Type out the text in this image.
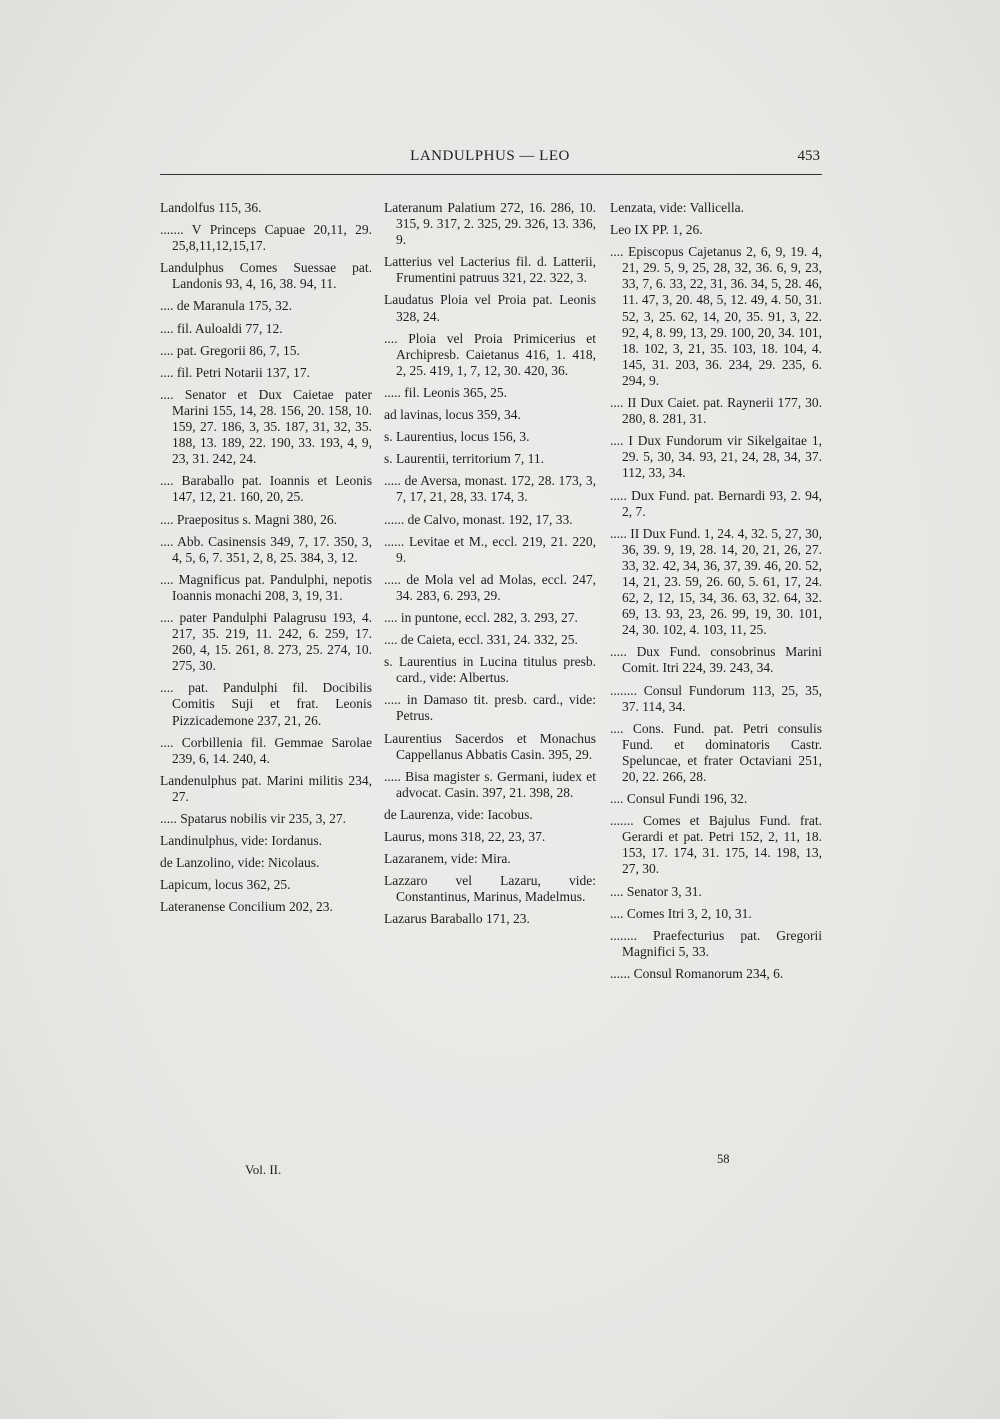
LANDULPHUS — LEO	453
Landolfus 115, 36.
....... V Princeps Capuae 20,11, 29. 25,8,11,12,15,17.
Landulphus Comes Suessae pat. Landonis 93, 4, 16, 38. 94, 11.
.... de Maranula 175, 32.
.... fil. Auloaldi 77, 12.
.... pat. Gregorii 86, 7, 15.
.... fil. Petri Notarii 137, 17.
.... Senator et Dux Caietae pater Marini 155, 14, 28. 156, 20. 158, 10. 159, 27. 186, 3, 35. 187, 31, 32, 35. 188, 13. 189, 22. 190, 33. 193, 4, 9, 23, 31. 242, 24.
.... Baraballo pat. Ioannis et Leonis 147, 12, 21. 160, 20, 25.
.... Praepositus s. Magni 380, 26.
.... Abb. Casinensis 349, 7, 17. 350, 3, 4, 5, 6, 7. 351, 2, 8, 25. 384, 3, 12.
.... Magnificus pat. Pandulphi, nepotis Ioannis monachi 208, 3, 19, 31.
.... pater Pandulphi Palagrusu 193, 4. 217, 35. 219, 11. 242, 6. 259, 17. 260, 4, 15. 261, 8. 273, 25. 274, 10. 275, 30.
.... pat. Pandulphi fil. Docibilis Comitis Suji et frat. Leonis Pizzicademone 237, 21, 26.
.... Corbillenia fil. Gemmae Sarolae 239, 6, 14. 240, 4.
Landenulphus pat. Marini militis 234, 27.
..... Spatarus nobilis vir 235, 3, 27.
Landinulphus, vide: Iordanus.
de Lanzolino, vide: Nicolaus.
Lapicum, locus 362, 25.
Lateranense Concilium 202, 23.
Lateranum Palatium 272, 16. 286, 10. 315, 9. 317, 2. 325, 29. 326, 13. 336, 9.
Latterius vel Lacterius fil. d. Latterii, Frumentini patruus 321, 22. 322, 3.
Laudatus Ploia vel Proia pat. Leonis 328, 24.
.... Ploia vel Proia Primicerius et Archipresb. Caietanus 416, 1. 418, 2, 25. 419, 1, 7, 12, 30. 420, 36.
..... fil. Leonis 365, 25.
ad lavinas, locus 359, 34.
s. Laurentius, locus 156, 3.
s. Laurentii, territorium 7, 11.
..... de Aversa, monast. 172, 28. 173, 3, 7, 17, 21, 28, 33. 174, 3.
...... de Calvo, monast. 192, 17, 33.
...... Levitae et M., eccl. 219, 21. 220, 9.
..... de Mola vel ad Molas, eccl. 247, 34. 283, 6. 293, 29.
.... in puntone, eccl. 282, 3. 293, 27.
.... de Caieta, eccl. 331, 24. 332, 25.
s. Laurentius in Lucina titulus presb. card., vide: Albertus.
..... in Damaso tit. presb. card., vide: Petrus.
Laurentius Sacerdos et Monachus Cappellanus Abbatis Casin. 395, 29.
..... Bisa magister s. Germani, iudex et advocat. Casin. 397, 21. 398, 28.
de Laurenza, vide: Iacobus.
Laurus, mons 318, 22, 23, 37.
Lazaranem, vide: Mira.
Lazzaro vel Lazaru, vide: Constantinus, Marinus, Madelmus.
Lazarus Baraballo 171, 23.
Lenzata, vide: Vallicella.
Leo IX PP. 1, 26.
.... Episcopus Cajetanus 2, 6, 9, 19. 4, 21, 29. 5, 9, 25, 28, 32, 36. 6, 9, 23, 33, 7, 6. 33, 22, 31, 36. 34, 5, 28. 46, 11. 47, 3, 20. 48, 5, 12. 49, 4. 50, 31. 52, 3, 25. 62, 14, 20, 35. 91, 3, 22. 92, 4, 8. 99, 13, 29. 100, 20, 34. 101, 18. 102, 3, 21, 35. 103, 18. 104, 4. 145, 31. 203, 36. 234, 29. 235, 6. 294, 9.
.... II Dux Caiet. pat. Raynerii 177, 30. 280, 8. 281, 31.
.... I Dux Fundorum vir Sikelgaitae 1, 29. 5, 30, 34. 93, 21, 24, 28, 34, 37. 112, 33, 34.
..... Dux Fund. pat. Bernardi 93, 2. 94, 2, 7.
..... II Dux Fund. 1, 24. 4, 32. 5, 27, 30, 36, 39. 9, 19, 28. 14, 20, 21, 26, 27. 33, 32. 42, 34, 36, 37, 39. 46, 20. 52, 14, 21, 23. 59, 26. 60, 5. 61, 17, 24. 62, 2, 12, 15, 34, 36. 63, 32. 64, 32. 69, 13. 93, 23, 26. 99, 19, 30. 101, 24, 30. 102, 4. 103, 11, 25.
..... Dux Fund. consobrinus Marini Comit. Itri 224, 39. 243, 34.
........ Consul Fundorum 113, 25, 35, 37. 114, 34.
.... Cons. Fund. pat. Petri consulis Fund. et dominatoris Castr. Speluncae, et frater Octaviani 251, 20, 22. 266, 28.
.... Consul Fundi 196, 32.
....... Comes et Bajulus Fund. frat. Gerardi et pat. Petri 152, 2, 11, 18. 153, 17. 174, 31. 175, 14. 198, 13, 27, 30.
.... Senator 3, 31.
.... Comes Itri 3, 2, 10, 31.
........ Praefecturius pat. Gregorii Magnifici 5, 33.
...... Consul Romanorum 234, 6.
Vol. II.
58
